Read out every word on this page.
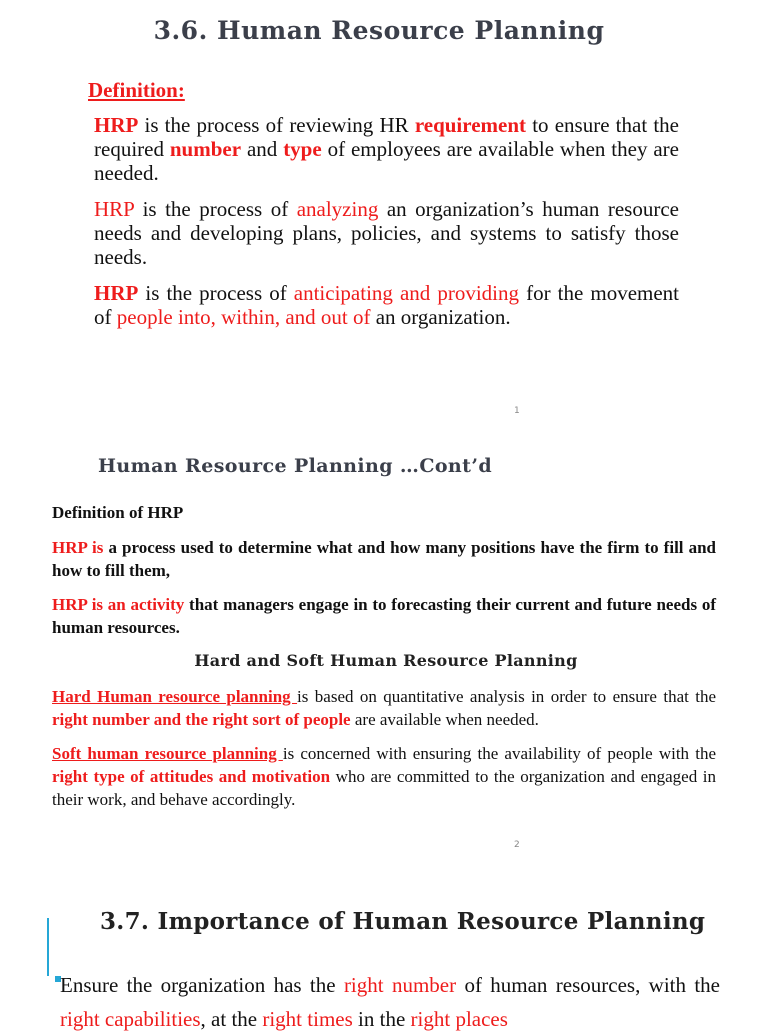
3.6. Human Resource Planning
Definition:
HRP is the process of reviewing HR requirement to ensure that the required number and type of employees are available when they are needed.
HRP is the process of analyzing an organization’s human resource needs and developing plans, policies, and systems to satisfy those needs.
HRP is the process of anticipating and providing for the movement of people into, within, and out of an organization.
1
Human Resource Planning …Cont’d
Definition of HRP
HRP is a process used to determine what and how many positions have the firm to fill and how to fill them,
HRP is an activity that managers engage in to forecasting their current and future needs of human resources.
Hard and Soft Human Resource Planning
Hard Human resource planning is based on quantitative analysis in order to ensure that the right number and the right sort of people are available when needed.
Soft human resource planning is concerned with ensuring the availability of people with the right type of attitudes and motivation who are committed to the organization and engaged in their work, and behave accordingly.
2
3.7. Importance of Human Resource Planning
Ensure the organization has the right number of human resources, with the right capabilities, at the right times in the right places
